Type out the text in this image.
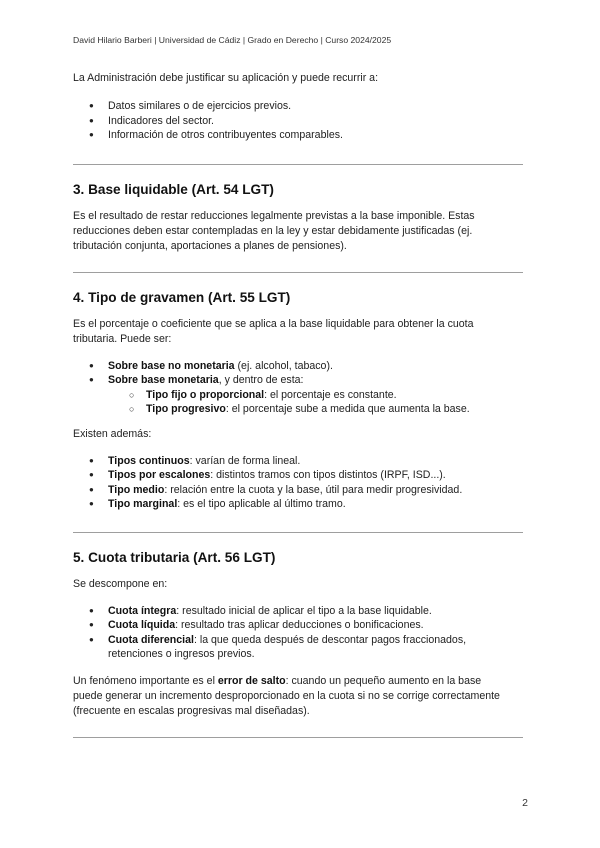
David Hilario Barberi | Universidad de Cádiz | Grado en Derecho | Curso 2024/2025

La Administración debe justificar su aplicación y puede recurrir a:

● Datos similares o de ejercicios previos.
● Indicadores del sector.
● Información de otros contribuyentes comparables.
3. Base liquidable (Art. 54 LGT)

Es el resultado de restar reducciones legalmente previstas a la base imponible. Estas
reducciones deben estar contempladas en la ley y estar debidamente justificadas (ej.
tributación conjunta, aportaciones a planes de pensiones).

4. Tipo de gravamen (Art. 55 LGT)

Es el porcentaje o coeficiente que se aplica a la base liquidable para obtener la cuota
tributaria. Puede ser:

● Sobre base no monetaria (ej. alcohol, tabaco).
● Sobre base monetaria, y dentro de esta:
○ Tipo fijo o proporcional: el porcentaje es constante.
○ Tipo progresivo: el porcentaje sube a medida que aumenta la base.

Existen además:

● Tipos continuos: varían de forma lineal.
● Tipos por escalones: distintos tramos con tipos distintos (IRPF, ISD...).
● Tipo medio: relación entre la cuota y la base, útil para medir progresividad.
● Tipo marginal: es el tipo aplicable al último tramo.
5. Cuota tributaria (Art. 56 LGT)

Se descompone en:

● Cuota íntegra: resultado inicial de aplicar el tipo a la base liquidable.
● Cuota líquida: resultado tras aplicar deducciones o bonificaciones.
● Cuota diferencial: la que queda después de descontar pagos fraccionados,
retenciones o ingresos previos.

Un fenómeno importante es el error de salto: cuando un pequeño aumento en la base
puede generar un incremento desproporcionado en la cuota si no se corrige correctamente
(frecuente en escalas progresivas mal diseñadas).

2
